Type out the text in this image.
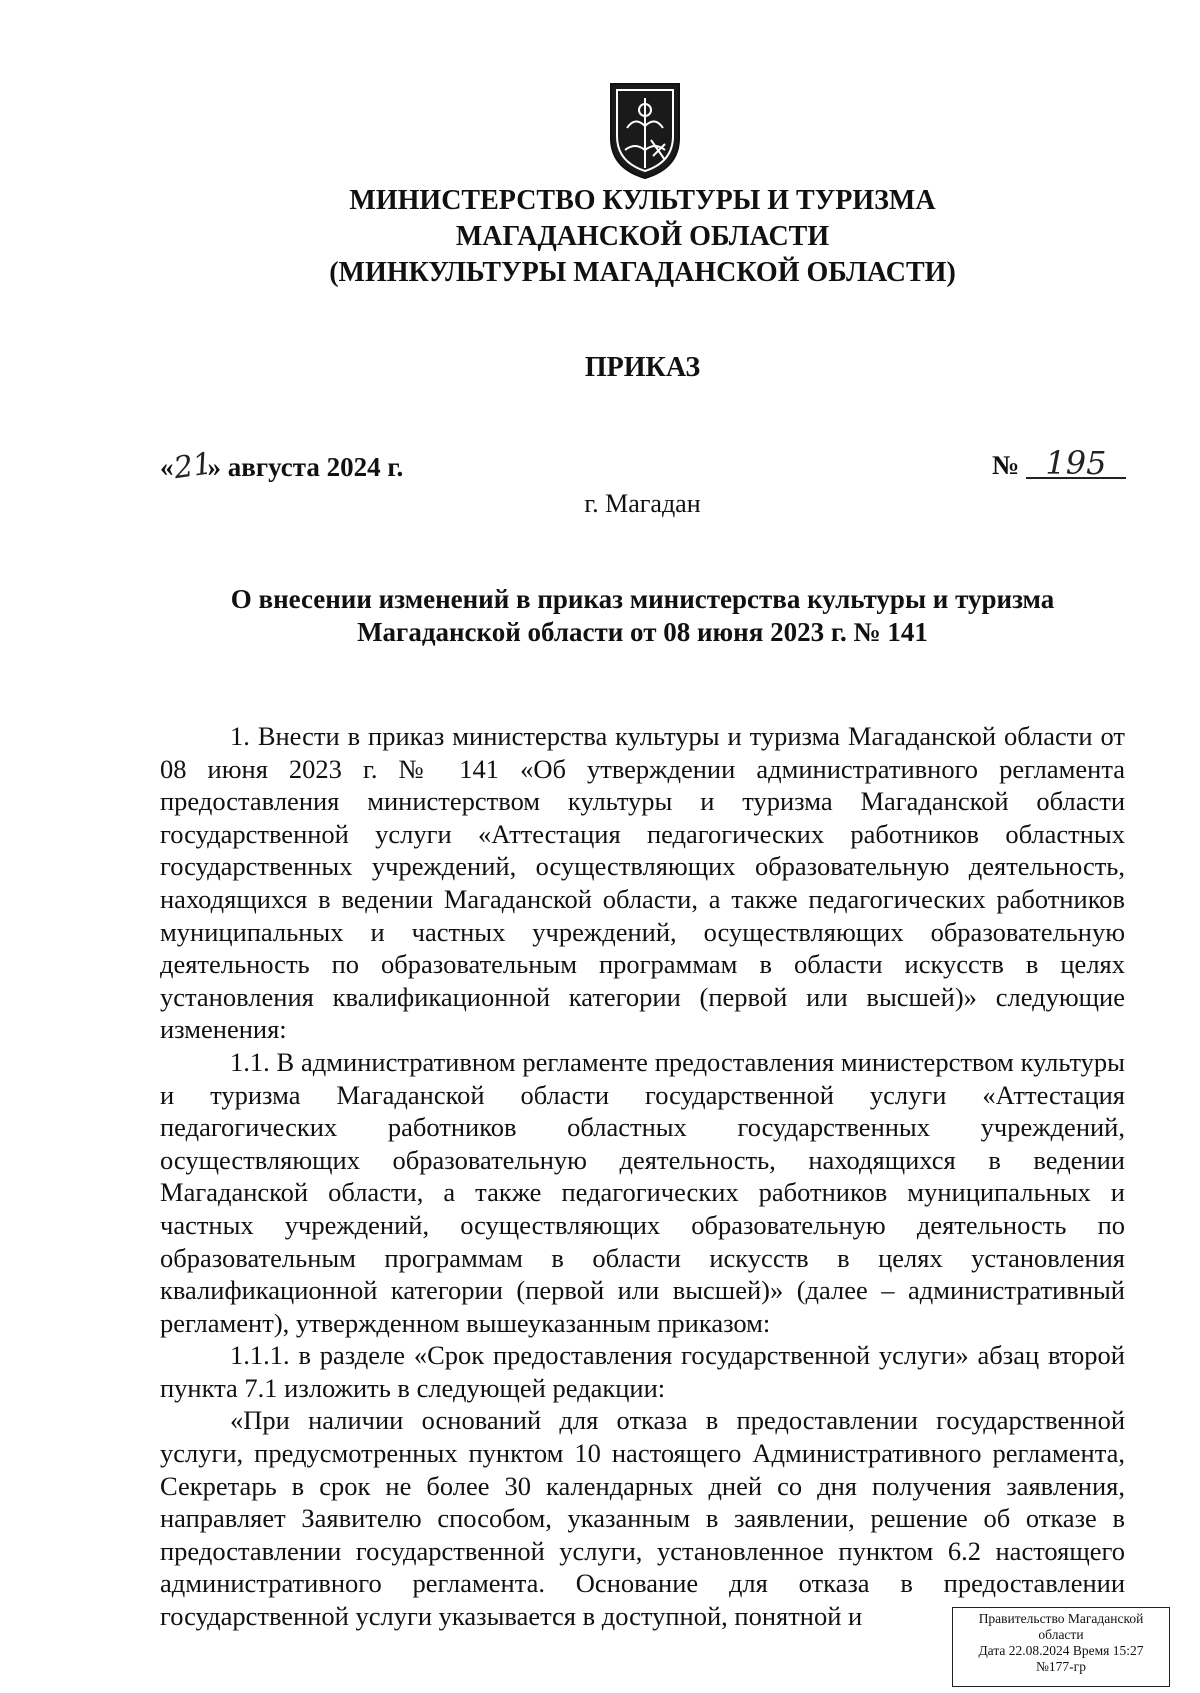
МИНИСТЕРСТВО КУЛЬТУРЫ И ТУРИЗМА
МАГАДАНСКОЙ ОБЛАСТИ
(МИНКУЛЬТУРЫ МАГАДАНСКОЙ ОБЛАСТИ)
ПРИКАЗ
«21» августа 2024 г.	№ 195
г. Магадан
О внесении изменений в приказ министерства культуры и туризма
Магаданской области от 08 июня 2023 г. № 141

1. Внести в приказ министерства культуры и туризма Магаданской области от 08 июня 2023 г. № 141 «Об утверждении административного регламента предоставления министерством культуры и туризма Магаданской области государственной услуги «Аттестация педагогических работников областных государственных учреждений, осуществляющих образовательную деятельность, находящихся в ведении Магаданской области, а также педагогических работников муниципальных и частных учреждений, осуществляющих образовательную деятельность по образовательным программам в области искусств в целях установления квалификационной категории (первой или высшей)» следующие изменения:

1.1. В административном регламенте предоставления министерством культуры и туризма Магаданской области государственной услуги «Аттестация педагогических работников областных государственных учреждений, осуществляющих образовательную деятельность, находящихся в ведении Магаданской области, а также педагогических работников муниципальных и частных учреждений, осуществляющих образовательную деятельность по образовательным программам в области искусств в целях установления квалификационной категории (первой или высшей)» (далее – административный регламент), утвержденном вышеуказанным приказом:

1.1.1. в разделе «Срок предоставления государственной услуги» абзац второй пункта 7.1 изложить в следующей редакции:

«При наличии оснований для отказа в предоставлении государственной услуги, предусмотренных пунктом 10 настоящего Административного регламента, Секретарь в срок не более 30 календарных дней со дня получения заявления, направляет Заявителю способом, указанным в заявлении, решение об отказе в предоставлении государственной услуги, установленное пунктом 6.2 настоящего административного регламента. Основание для отказа в предоставлении государственной услуги указывается в доступной, понятной и	Правительство Магаданской
области
Дата 22.08.2024 Время 15:27
№177-гр
